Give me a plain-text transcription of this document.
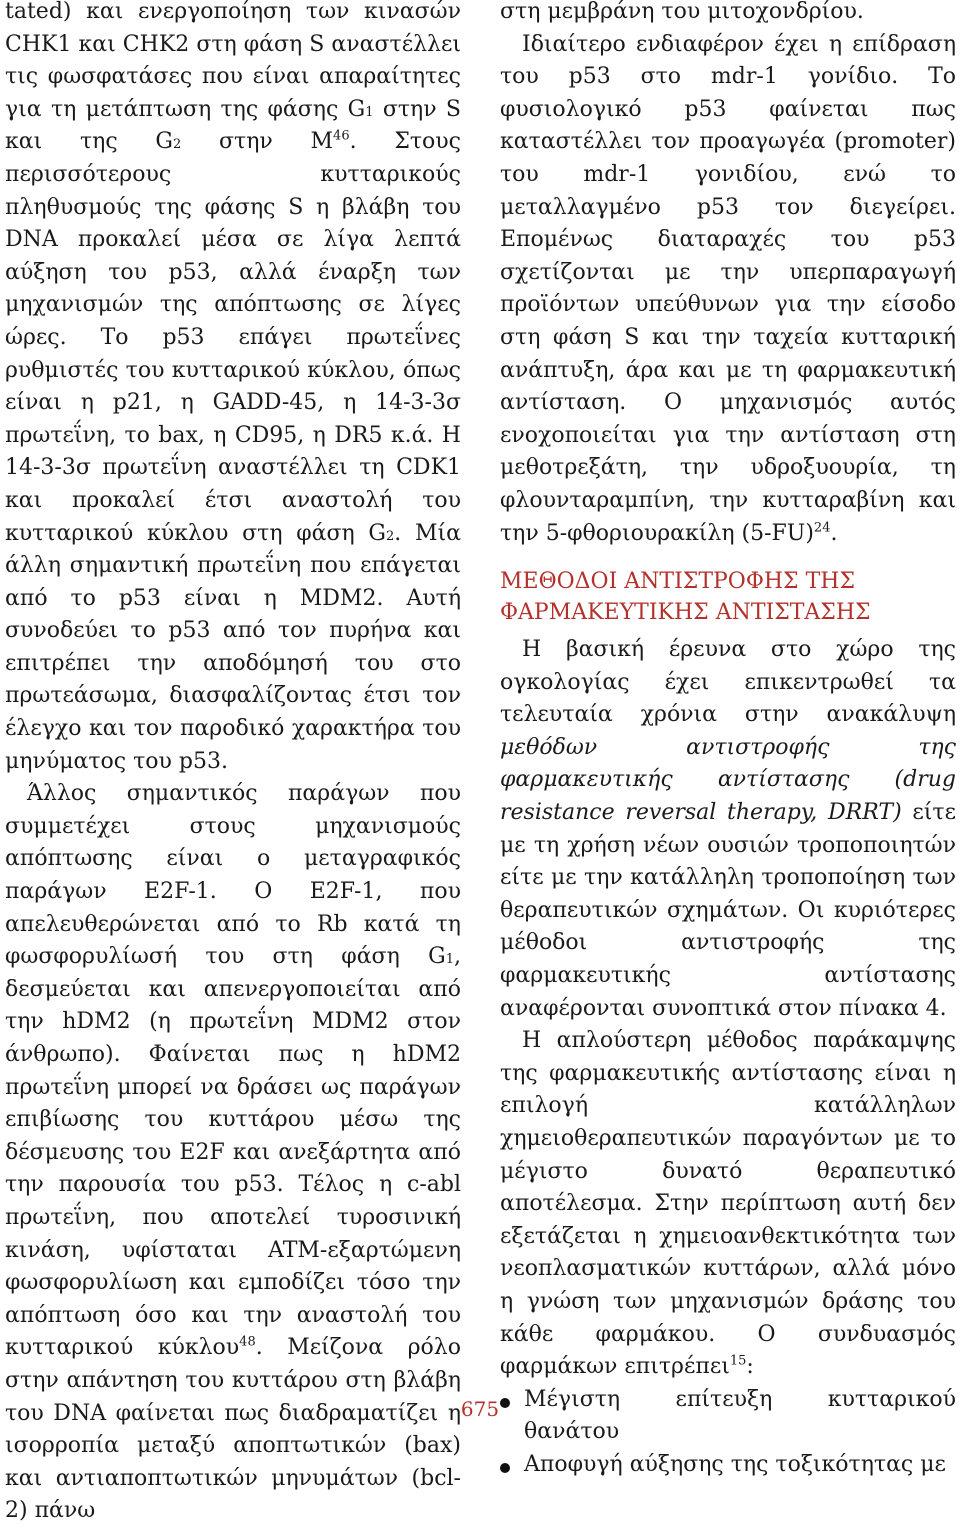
tated) και ενεργοποίηση των κινασών CHK1 και CHK2 στη φάση S αναστέλλει τις φωσφατάσες που είναι απαραίτητες για τη μετάπτωση της φάσης G1 στην S και της G2 στην $M^{46}$. Στους περισσότερους κυτταρικούς πληθυσμούς της φάσης S η βλάβη του DNA προκαλεί μέσα σε λίγα λεπτά αύξηση του p53, αλλά έναρξη των μηχανισμών της απόπτωσης σε λίγες ώρες. Το p53 επάγει πρωτεΐνες ρυθμιστές του κυτταρικού κύκλου, όπως είναι η p21, η GADD-45, η 14-3-3σ πρωτεΐνη, το bax, η CD95, η DR5 κ.ά. Η 14-3-3σ πρωτεΐνη αναστέλλει τη CDK1 και προκαλεί έτσι αναστολή του κυτταρικού κύκλου στη φάση G2. Μία άλλη σημαντική πρωτεΐνη που επάγεται από το p53 είναι η MDM2. Αυτή συνοδεύει το p53 από τον πυρήνα και επιτρέπει την αποδόμησή του στο πρωτεάσωμα, διασφαλίζοντας έτσι τον έλεγχο και τον παροδικό χαρακτήρα του μηνύματος του p53.

Άλλος σημαντικός παράγων που συμμετέχει στους μηχανισμούς απόπτωσης είναι ο μεταγραφικός παράγων E2F-1. Ο E2F-1, που απελευθερώνεται από το Rb κατά τη φωσφορυλίωσή του στη φάση G1, δεσμεύεται και απενεργοποιείται από την hDM2 (η πρωτεΐνη MDM2 στον άνθρωπο). Φαίνεται πως η hDM2 πρωτεΐνη μπορεί να δράσει ως παράγων επιβίωσης του κυττάρου μέσω της δέσμευσης του E2F και ανεξάρτητα από την παρουσία του p53. Τέλος η c-abl πρωτεΐνη, που αποτελεί τυροσινική κινάση, υφίσταται ATM-εξαρτώμενη φωσφορυλίωση και εμποδίζει τόσο την απόπτωση όσο και την αναστολή του κυτταρικού κύκλου$^{48}$. Μείζονα ρόλο στην απάντηση του κυττάρου στη βλάβη του DNA φαίνεται πως διαδραματίζει η ισορροπία μεταξύ αποπτωτικών (bax) και αντιαποπτωτικών μηνυμάτων (bcl-2) πάνω

στη μεμβράνη του μιτοχονδρίου.

Ιδιαίτερο ενδιαφέρον έχει η επίδραση του p53 στο mdr-1 γονίδιο. Το φυσιολογικό p53 φαίνεται πως καταστέλλει τον προαγωγέα (promoter) του mdr-1 γονιδίου, ενώ το μεταλλαγμένο p53 τον διεγείρει. Επομένως διαταραχές του p53 σχετίζονται με την υπερπαραγωγή προϊόντων υπεύθυνων για την είσοδο στη φάση S και την ταχεία κυτταρική ανάπτυξη, άρα και με τη φαρμακευτική αντίσταση. Ο μηχανισμός αυτός ενοχοποιείται για την αντίσταση στη μεθοτρεξάτη, την υδροξυουρία, τη φλουνταραμπίνη, την κυτταραβίνη και την 5-φθοριουρακίλη $(5-FU)^{24}$.

ΜΕΘΟΔΟΙ ΑΝΤΙΣΤΡΟΦΗΣ ΤΗΣ ΦΑΡΜΑΚΕΥΤΙΚΗΣ ΑΝΤΙΣΤΑΣΗΣ

Η βασική έρευνα στο χώρο της ογκολογίας έχει επικεντρωθεί τα τελευταία χρόνια στην ανακάλυψη μεθόδων αντιστροφής της φαρμακευτικής αντίστασης (drug resistance reversal therapy, DRRT) είτε με τη χρήση νέων ουσιών τροποποιητών είτε με την κατάλληλη τροποποίηση των θεραπευτικών σχημάτων. Οι κυριότερες μέθοδοι αντιστροφής της φαρμακευτικής αντίστασης αναφέρονται συνοπτικά στον πίνακα 4.

Η απλούστερη μέθοδος παράκαμψης της φαρμακευτικής αντίστασης είναι η επιλογή κατάλληλων χημειοθεραπευτικών παραγόντων με το μέγιστο δυνατό θεραπευτικό αποτέλεσμα. Στην περίπτωση αυτή δεν εξετάζεται η χημειοανθεκτικότητα των νεοπλασματικών κυττάρων, αλλά μόνο η γνώση των μηχανισμών δράσης του κάθε φαρμάκου. Ο συνδυασμός φαρμάκων επιτρέπει$^{15}$:

Μέγιστη επίτευξη κυτταρικού θανάτου
Αποφυγή αύξησης της τοξικότητας με
675
